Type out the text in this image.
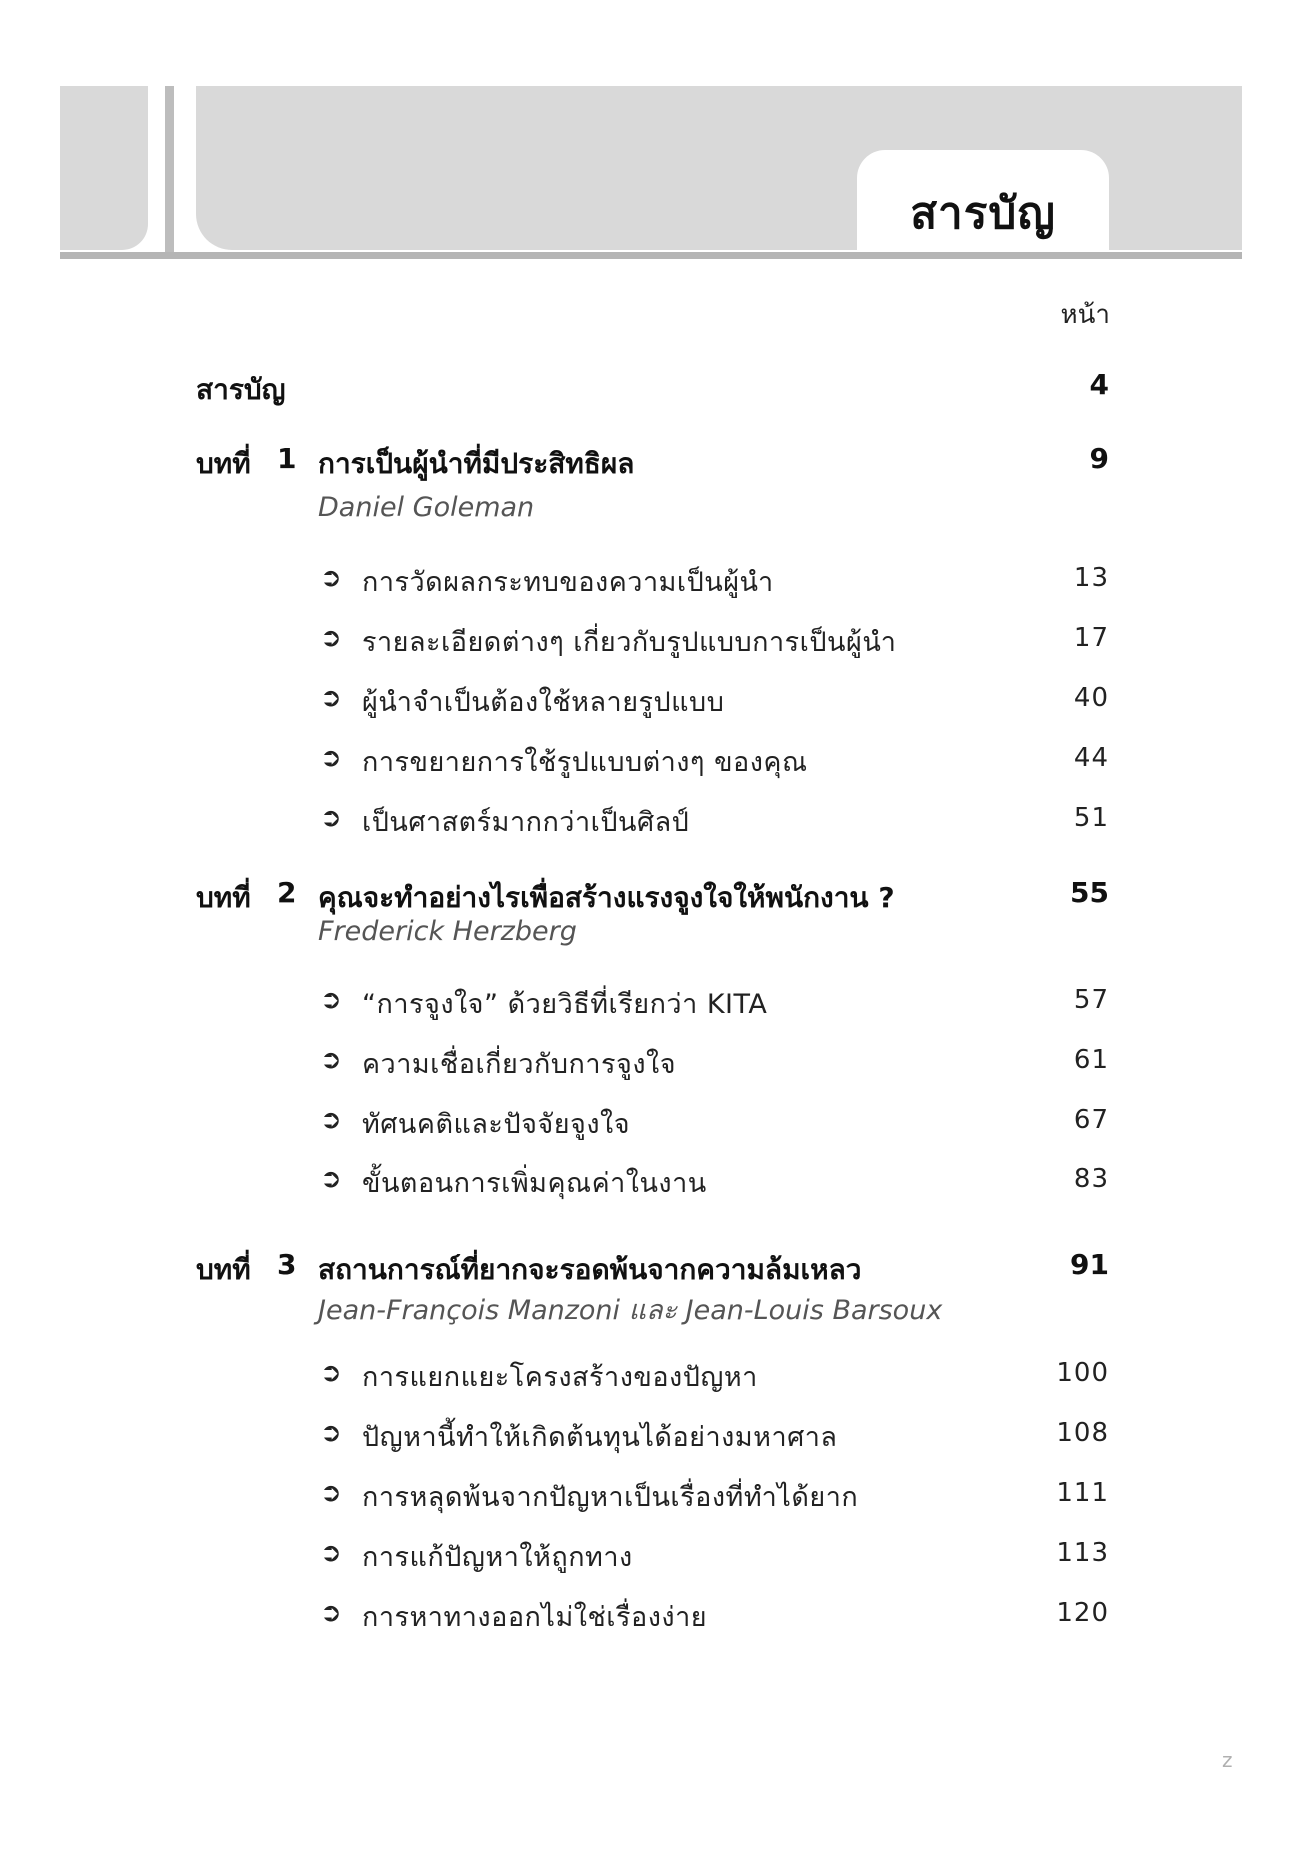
สารบัญ
หน้า
สารบัญ	4
บทที่ 1 การเป็นผู้นำที่มีประสิทธิผล	9
Daniel Goleman
➲ การวัดผลกระทบของความเป็นผู้นำ	13
➲ รายละเอียดต่างๆ เกี่ยวกับรูปแบบการเป็นผู้นำ	17
➲ ผู้นำจำเป็นต้องใช้หลายรูปแบบ	40
➲ การขยายการใช้รูปแบบต่างๆ ของคุณ	44
➲ เป็นศาสตร์มากกว่าเป็นศิลป์	51
บทที่ 2 คุณจะทำอย่างไรเพื่อสร้างแรงจูงใจให้พนักงาน ?	55
Frederick Herzberg
➲ “การจูงใจ” ด้วยวิธีที่เรียกว่า KITA	57
➲ ความเชื่อเกี่ยวกับการจูงใจ	61
➲ ทัศนคติและปัจจัยจูงใจ	67
➲ ขั้นตอนการเพิ่มคุณค่าในงาน	83
บทที่ 3 สถานการณ์ที่ยากจะรอดพ้นจากความล้มเหลว	91
Jean-François Manzoni และ Jean-Louis Barsoux
➲ การแยกแยะโครงสร้างของปัญหา	100
➲ ปัญหานี้ทำให้เกิดต้นทุนได้อย่างมหาศาล	108
➲ การหลุดพ้นจากปัญหาเป็นเรื่องที่ทำได้ยาก	111
➲ การแก้ปัญหาให้ถูกทาง	113
➲ การหาทางออกไม่ใช่เรื่องง่าย	120
z
